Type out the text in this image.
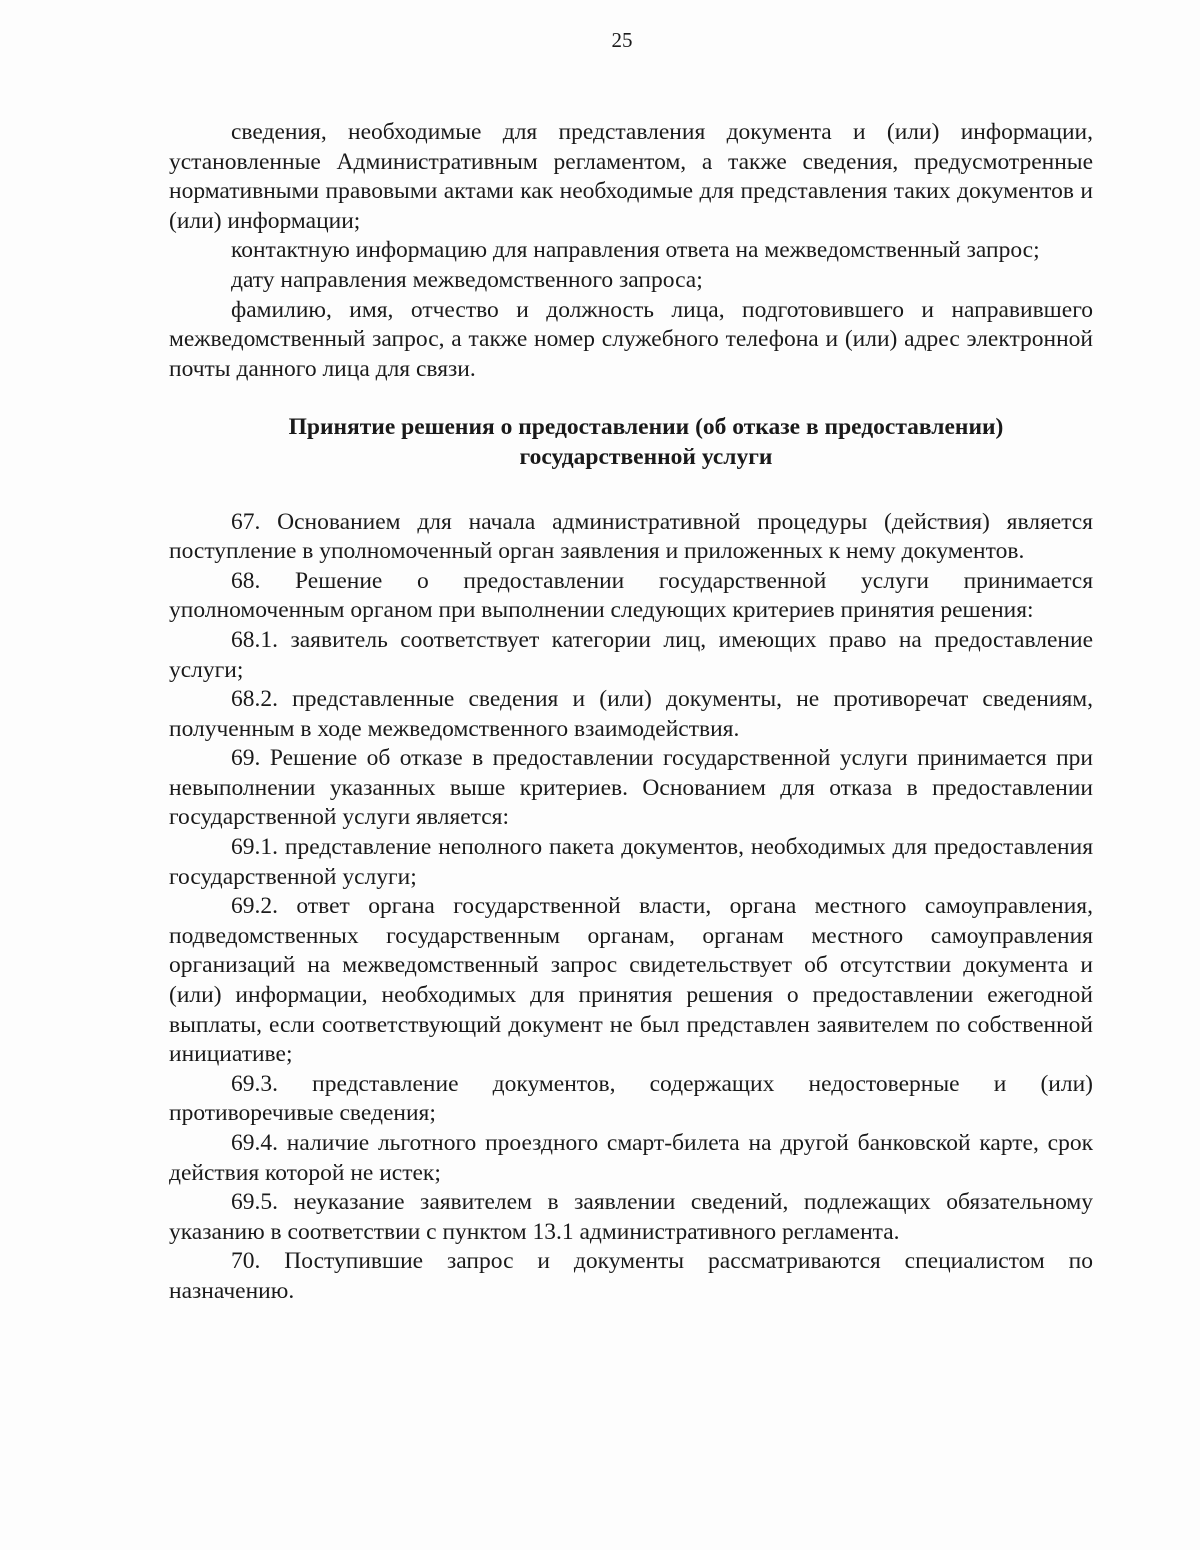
25

сведения, необходимые для представления документа и (или) информации, установленные Административным регламентом, а также сведения, предусмотренные нормативными правовыми актами как необходимые для представления таких документов и (или) информации;

контактную информацию для направления ответа на межведомственный запрос;

дату направления межведомственного запроса;

фамилию, имя, отчество и должность лица, подготовившего и направившего межведомственный запрос, а также номер служебного телефона и (или) адрес электронной почты данного лица для связи.

Принятие решения о предоставлении (об отказе в предоставлении)
государственной услуги

67. Основанием для начала административной процедуры (действия) является поступление в уполномоченный орган заявления и приложенных к нему документов.

68. Решение о предоставлении государственной услуги принимается уполномоченным органом при выполнении следующих критериев принятия решения:

68.1. заявитель соответствует категории лиц, имеющих право на предоставление услуги;

68.2. представленные сведения и (или) документы, не противоречат сведениям, полученным в ходе межведомственного взаимодействия.

69. Решение об отказе в предоставлении государственной услуги принимается при невыполнении указанных выше критериев. Основанием для отказа в предоставлении государственной услуги является:

69.1. представление неполного пакета документов, необходимых для предоставления государственной услуги;

69.2. ответ органа государственной власти, органа местного самоуправления, подведомственных государственным органам, органам местного самоуправления организаций на межведомственный запрос свидетельствует об отсутствии документа и (или) информации, необходимых для принятия решения о предоставлении ежегодной выплаты, если соответствующий документ не был представлен заявителем по собственной инициативе;

69.3. представление документов, содержащих недостоверные и (или) противоречивые сведения;

69.4. наличие льготного проездного смарт-билета на другой банковской карте, срок действия которой не истек;

69.5. неуказание заявителем в заявлении сведений, подлежащих обязательному указанию в соответствии с пунктом 13.1 административного регламента.

70. Поступившие запрос и документы рассматриваются специалистом по назначению.
